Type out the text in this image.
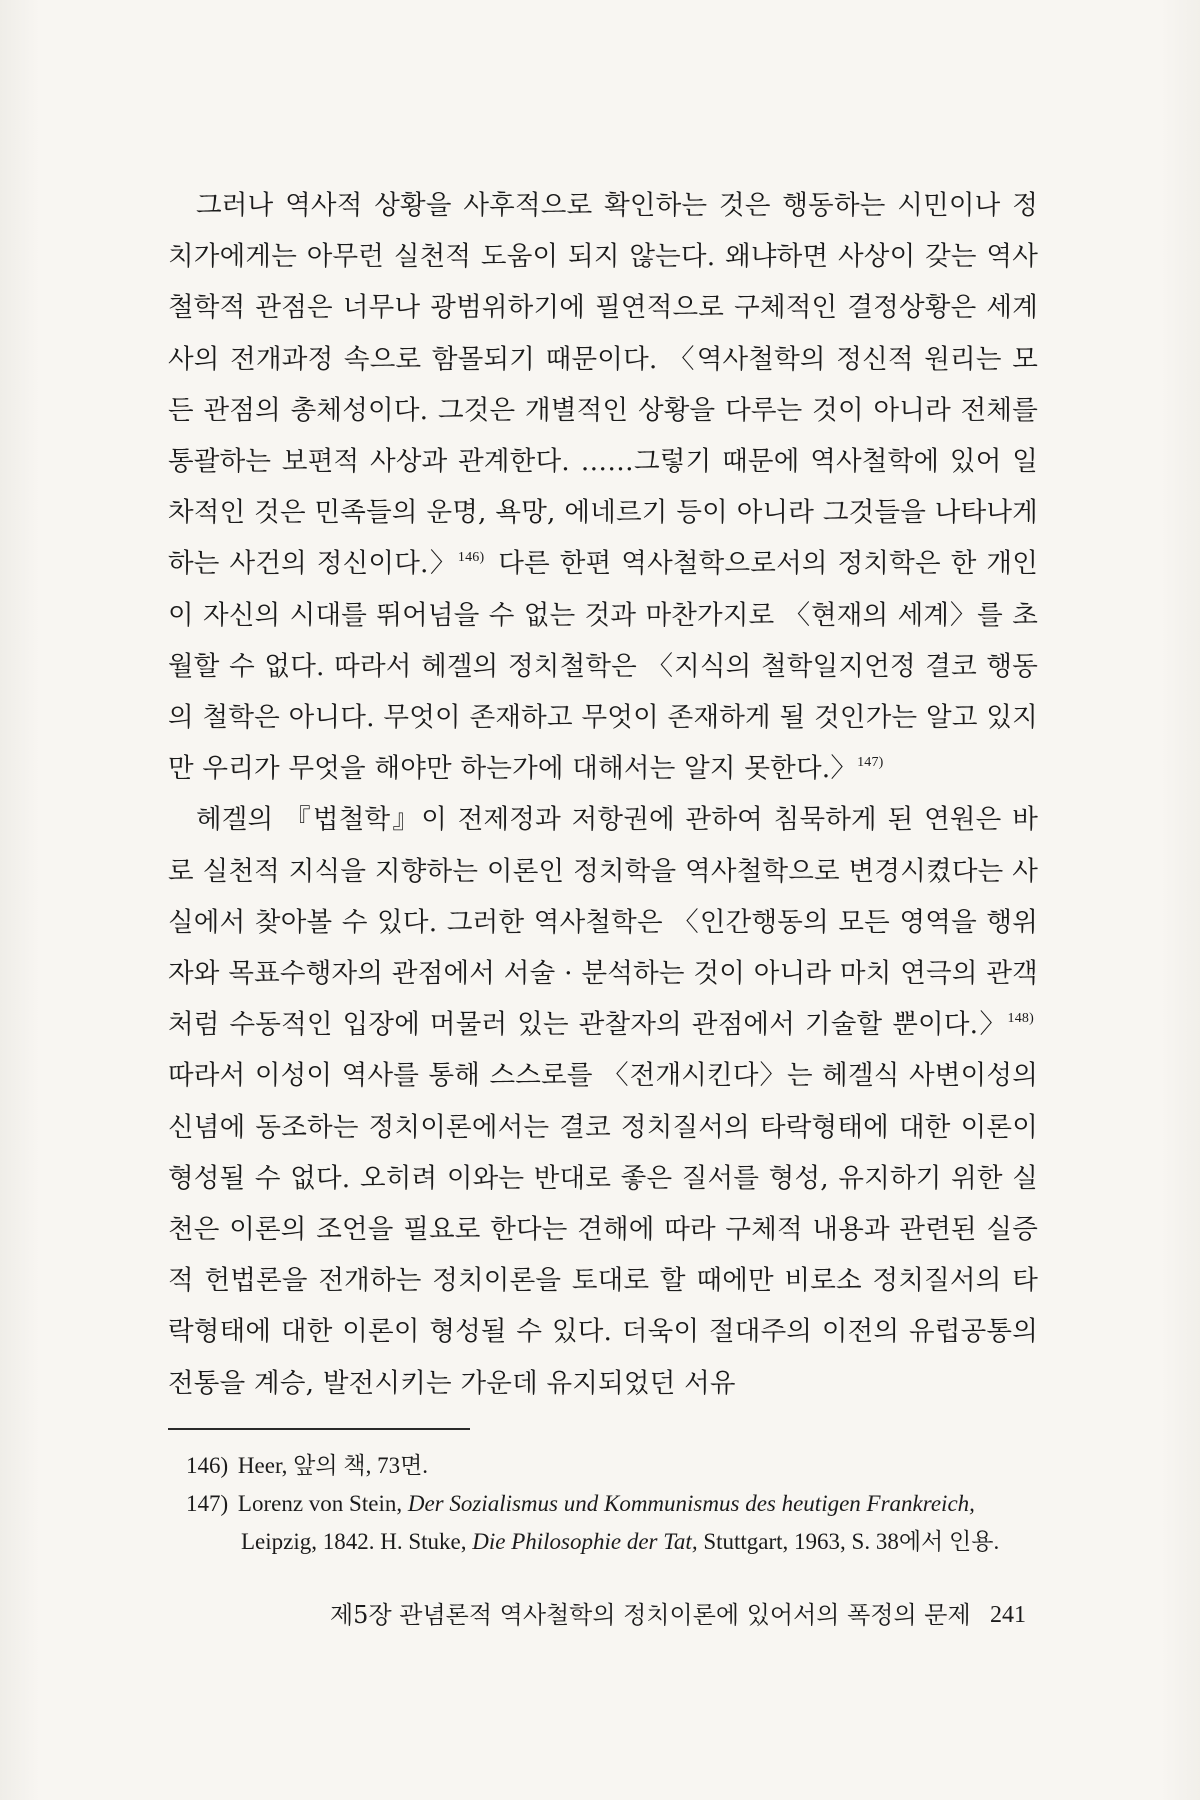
그러나 역사적 상황을 사후적으로 확인하는 것은 행동하는 시민이나 정치가에게는 아무런 실천적 도움이 되지 않는다. 왜냐하면 사상이 갖는 역사철학적 관점은 너무나 광범위하기에 필연적으로 구체적인 결정상황은 세계사의 전개과정 속으로 함몰되기 때문이다. 〈역사철학의 정신적 원리는 모든 관점의 총체성이다. 그것은 개별적인 상황을 다루는 것이 아니라 전체를 통괄하는 보편적 사상과 관계한다. ……그렇기 때문에 역사철학에 있어 일차적인 것은 민족들의 운명, 욕망, 에네르기 등이 아니라 그것들을 나타나게 하는 사건의 정신이다.〉$^{146)}$ 다른 한편 역사철학으로서의 정치학은 한 개인이 자신의 시대를 뛰어넘을 수 없는 것과 마찬가지로 〈현재의 세계〉를 초월할 수 없다. 따라서 헤겔의 정치철학은 〈지식의 철학일지언정 결코 행동의 철학은 아니다. 무엇이 존재하고 무엇이 존재하게 될 것인가는 알고 있지만 우리가 무엇을 해야만 하는가에 대해서는 알지 못한다.〉$^{147)}$

헤겔의 『법철학』이 전제정과 저항권에 관하여 침묵하게 된 연원은 바로 실천적 지식을 지향하는 이론인 정치학을 역사철학으로 변경시켰다는 사실에서 찾아볼 수 있다. 그러한 역사철학은 〈인간행동의 모든 영역을 행위자와 목표수행자의 관점에서 서술 · 분석하는 것이 아니라 마치 연극의 관객처럼 수동적인 입장에 머물러 있는 관찰자의 관점에서 기술할 뿐이다.〉$^{148)}$ 따라서 이성이 역사를 통해 스스로를 〈전개시킨다〉는 헤겔식 사변이성의 신념에 동조하는 정치이론에서는 결코 정치질서의 타락형태에 대한 이론이 형성될 수 없다. 오히려 이와는 반대로 좋은 질서를 형성, 유지하기 위한 실천은 이론의 조언을 필요로 한다는 견해에 따라 구체적 내용과 관련된 실증적 헌법론을 전개하는 정치이론을 토대로 할 때에만 비로소 정치질서의 타락형태에 대한 이론이 형성될 수 있다. 더욱이 절대주의 이전의 유럽공통의 전통을 계승, 발전시키는 가운데 유지되었던 서유

146) Heer, 앞의 책, 73면.
147) Lorenz von Stein, Der Sozialismus und Kommunismus des heutigen Frankreich,
Leipzig, 1842. H. Stuke, Die Philosophie der Tat, Stuttgart, 1963, S. 38에서 인용.
제5장 관념론적 역사철학의 정치이론에 있어서의 폭정의 문제 241
